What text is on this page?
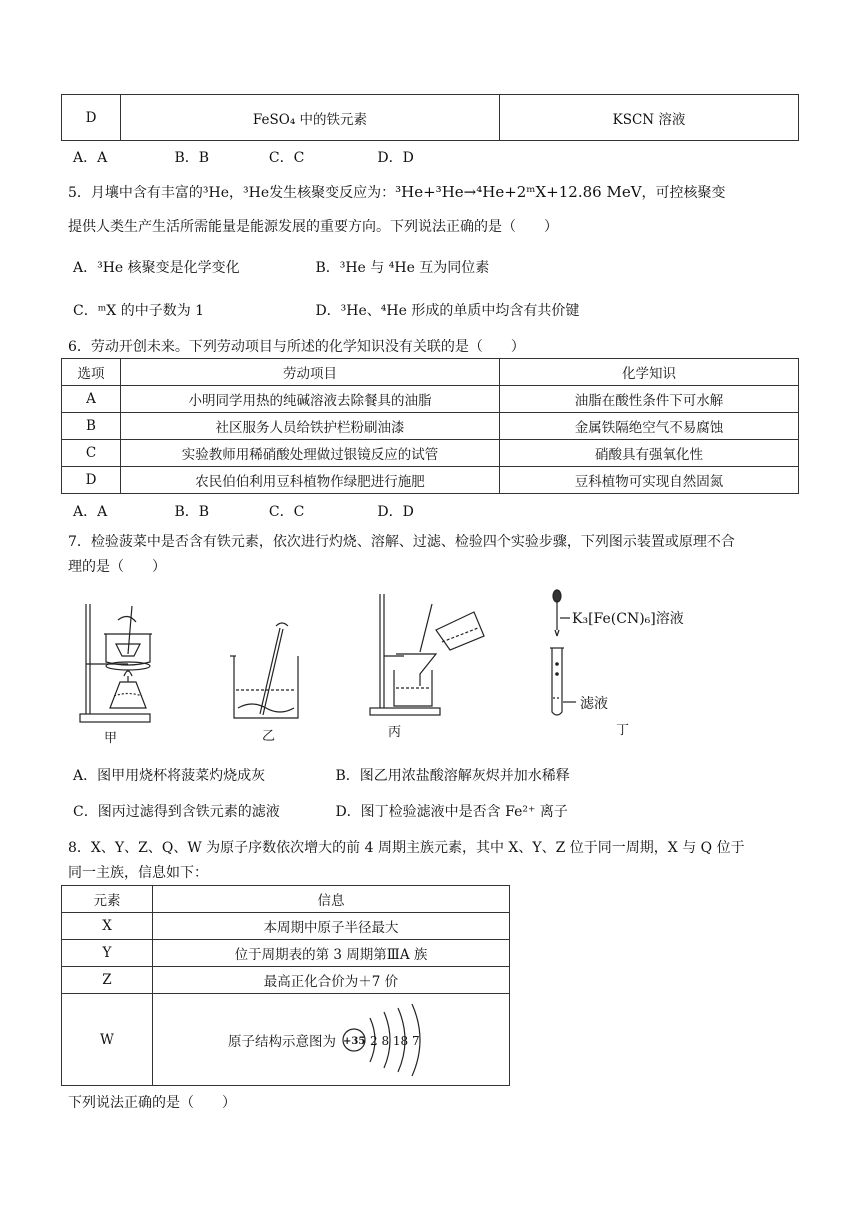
D	FeSO₄ 中的铁元素	KSCN 溶液
A．A	B．B	C．C	D．D
5．月壤中含有丰富的³He，³He发生核聚变反应为：³He+³He→⁴He+2ᵐX+12.86 MeV，可控核聚变
提供人类生产生活所需能量是能源发展的重要方向。下列说法正确的是（　　）
A．³He 核聚变是化学变化	B．³He 与 ⁴He 互为同位素
C．ᵐX 的中子数为 1	D．³He、⁴He 形成的单质中均含有共价键
6．劳动开创未来。下列劳动项目与所述的化学知识没有关联的是（　　）
选项	劳动项目	化学知识
A	小明同学用热的纯碱溶液去除餐具的油脂	油脂在酸性条件下可水解
B	社区服务人员给铁护栏粉刷油漆	金属铁隔绝空气不易腐蚀
C	实验教师用稀硝酸处理做过银镜反应的试管	硝酸具有强氧化性
D	农民伯伯利用豆科植物作绿肥进行施肥	豆科植物可实现自然固氮
A．A	B．B	C．C	D．D
7．检验菠菜中是否含有铁元素，依次进行灼烧、溶解、过滤、检验四个实验步骤，下列图示装置或原理不合
理的是（　　）
甲	乙	丙
K₃[Fe(CN)₆]溶液
滤液
丁
A．图甲用烧杯将菠菜灼烧成灰	B．图乙用浓盐酸溶解灰烬并加水稀释
C．图丙过滤得到含铁元素的滤液	D．图丁检验滤液中是否含 Fe²⁺ 离子
8．X、Y、Z、Q、W 为原子序数依次增大的前 4 周期主族元素，其中 X、Y、Z 位于同一周期，X 与 Q 位于
同一主族，信息如下：
元素	信息
X	本周期中原子半径最大
Y	位于周期表的第 3 周期第ⅢA 族
Z	最高正化合价为＋7 价
W	原子结构示意图为 +35 2 8 18 7
下列说法正确的是（　　）
